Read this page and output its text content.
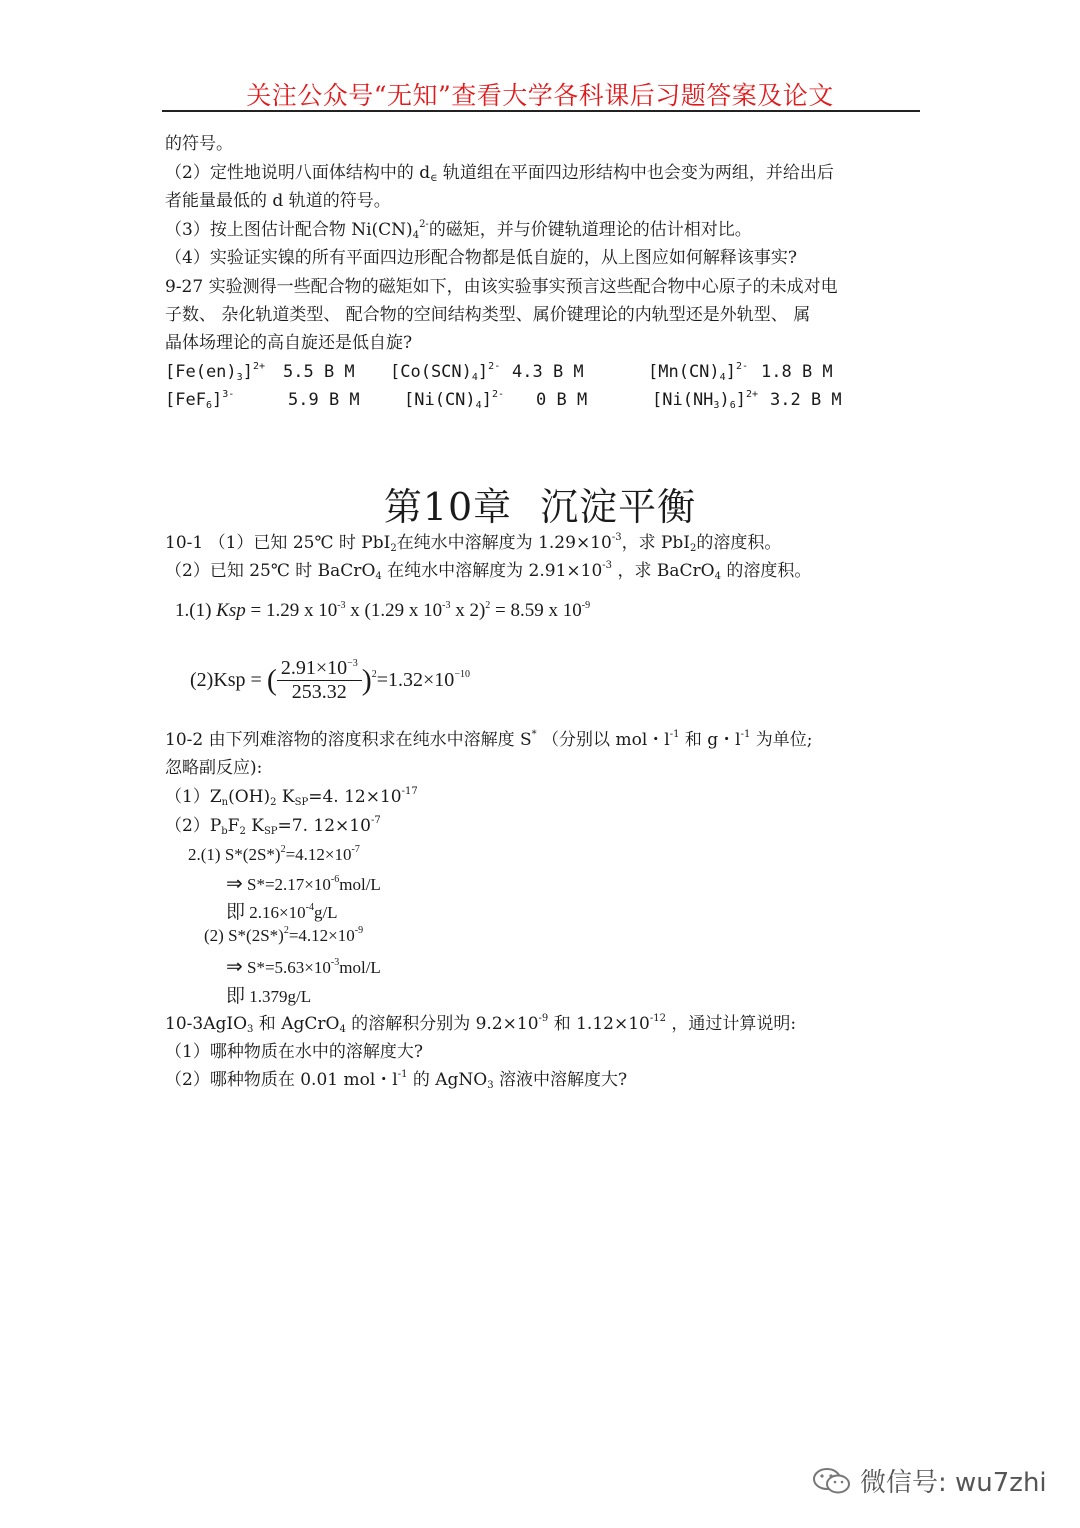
关注公众号“无知”查看大学各科课后习题答案及论文
的符号。
（2）定性地说明八面体结构中的 $d_\in$ 轨道组在平面四边形结构中也会变为两组，并给出后
者能量最低的 d 轨道的符号。
（3）按上图估计配合物 $Ni(CN)_4^{2-}$的磁矩，并与价键轨道理论的估计相对比。
（4）实验证实镍的所有平面四边形配合物都是低自旋的，从上图应如何解释该事实?
9-27 实验测得一些配合物的磁矩如下，由该实验事实预言这些配合物中心原子的未成对电
子数、 杂化轨道类型、 配合物的空间结构类型、属价键理论的内轨型还是外轨型、 属
晶体场理论的高自旋还是低自旋?
$[Fe(en)_3]^{2+}$ 5.5 B M $[Co(SCN)_4]^{2-}$ 4.3 B M	$[Mn(CN)_4]^{2-}$ 1.8 B M
$[FeF_6]^{3-}$	5.9 B M	$[Ni(CN)_4]^{2-}$ 0 B M	$[Ni(NH_3)_6]^{2+}$ 3.2 B M
第10章 沉淀平衡
10-1 （1）已知 25℃ 时 PbI$_2$在纯水中溶解度为 $1.29\times 10^{-3}$，求 PbI$_2$的溶度积。
（2）已知 25℃ 时 BaCrO$_4$ 在纯水中溶解度为 $2.91\times 10^{-3}$ ，求 BaCrO$_4$ 的溶度积。
1.(1) Ksp = 1.29 x $10^{-3}$ x (1.29 x $10^{-3}$ x 2)$^2$ = 8.59 x $10^{-9}$
(2)Ksp = ( $\frac{2.91\times 10^{-3}}{253.32} )^2=1.32\times 10^{-10}$
10-2 由下列难溶物的溶度积求在纯水中溶解度 S* （分别以 mol・$l^{-1}$ 和 g・$l^{-1}$ 为单位;
忽略副反应):
$(1)Z_n(OH)_2$ $K_{SP}=4$. $12\times 10^{-17}$
$(2)P_bF_2$ $K_{SP}=7$. $12\times 10^{-7}$
2.(1) $S*(2S*)^2=4.12\times 10^{-7}$
⇒ $S*=2.17\times 10^{-6}mol/L$
即 $2.16\times 10^{-4}g/L$
(2) $S*(2S*)^2=4.12\times 10^{-9}$
⇒ $S*=5.63\times 10^{-3}mol/L$
即 1.379g/L
10-3AgIO$_3$ 和 AgCrO$_4$ 的溶解积分别为 $9.2\times 10^{-9}$ 和 $1.12\times 10^{-12}$ ，通过计算说明:
（1）哪种物质在水中的溶解度大?
（2）哪种物质在 0.01 mol・$l^{-1}$ 的 AgNO$_3$ 溶液中溶解度大?
微信号: wu7zhi
